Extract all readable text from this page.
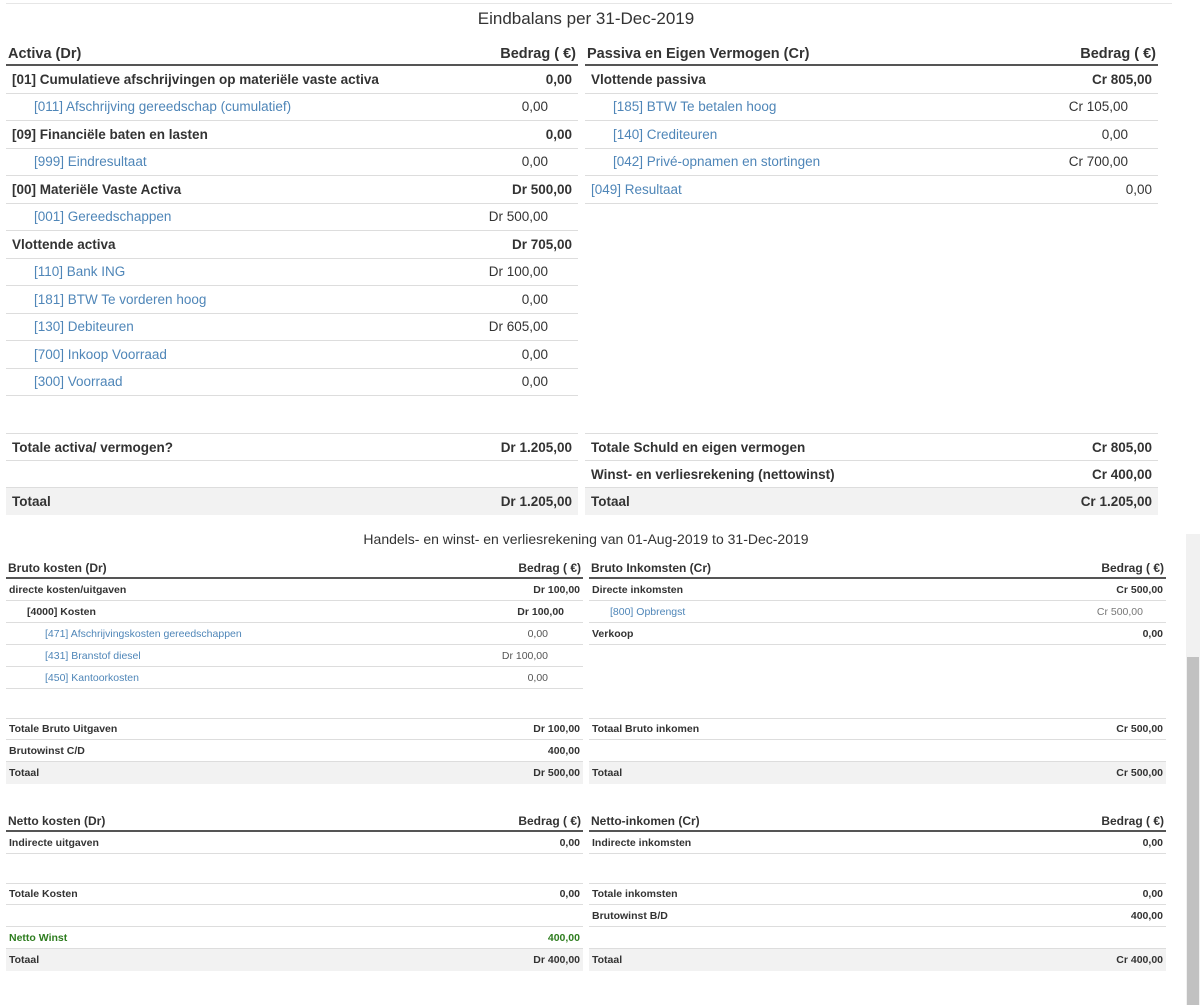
Eindbalans per 31-Dec-2019
Activa (Dr)	Bedrag ( €)
[01] Cumulatieve afschrijvingen op materiële vaste activa	0,00
[011] Afschrijving gereedschap (cumulatief)	0,00
[09] Financiële baten en lasten	0,00
[999] Eindresultaat	0,00
[00] Materiële Vaste Activa	Dr 500,00
[001] Gereedschappen	Dr 500,00
Vlottende activa	Dr 705,00
[110] Bank ING	Dr 100,00
[181] BTW Te vorderen hoog	0,00
[130] Debiteuren	Dr 605,00
[700] Inkoop Voorraad	0,00
[300] Voorraad	0,00
Totale activa/ vermogen?	Dr 1.205,00
Totaal	Dr 1.205,00
Passiva en Eigen Vermogen (Cr)	Bedrag ( €)
Vlottende passiva	Cr 805,00
[185] BTW Te betalen hoog	Cr 105,00
[140] Crediteuren	0,00
[042] Privé-opnamen en stortingen	Cr 700,00
[049] Resultaat	0,00
Totale Schuld en eigen vermogen	Cr 805,00
Winst- en verliesrekening (nettowinst)	Cr 400,00
Totaal	Cr 1.205,00
Handels- en winst- en verliesrekening van 01-Aug-2019 to 31-Dec-2019
Bruto kosten (Dr)	Bedrag ( €)
directe kosten/uitgaven	Dr 100,00
[4000] Kosten	Dr 100,00
[471] Afschrijvingskosten gereedschappen	0,00
[431] Branstof diesel	Dr 100,00
[450] Kantoorkosten	0,00
Totale Bruto Uitgaven	Dr 100,00
Brutowinst C/D	400,00
Totaal	Dr 500,00
Bruto Inkomsten (Cr)	Bedrag ( €)
Directe inkomsten	Cr 500,00
[800] Opbrengst	Cr 500,00
Verkoop	0,00
Totaal Bruto inkomen	Cr 500,00
Totaal	Cr 500,00
Netto kosten (Dr)	Bedrag ( €)
Indirecte uitgaven	0,00
Totale Kosten	0,00
Netto Winst	400,00
Totaal	Dr 400,00
Netto-inkomen (Cr)	Bedrag ( €)
Indirecte inkomsten	0,00
Totale inkomsten	0,00
Brutowinst B/D	400,00
Totaal	Cr 400,00
